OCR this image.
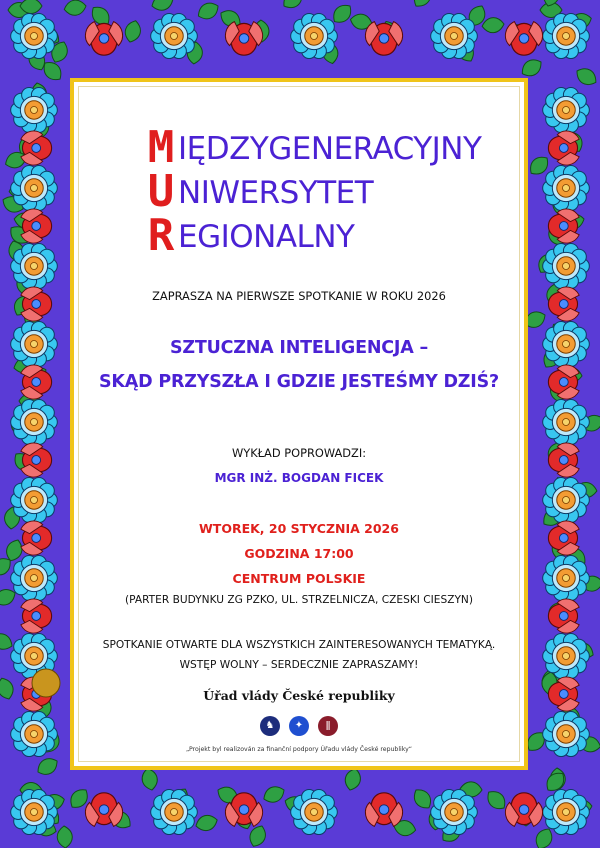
M IĘDZYGENERACYJNY
U NIWERSYTET
R EGIONALNY
ZAPRASZA NA PIERWSZE SPOTKANIE W ROKU 2026
SZTUCZNA INTELIGENCJA –
SKĄD PRZYSZŁA I GDZIE JESTEŚMY DZIŚ?
WYKŁAD POPROWADZI:
MGR INŻ. BOGDAN FICEK
WTOREK, 20 STYCZNIA 2026
GODZINA 17:00
CENTRUM POLSKIE
(PARTER BUDYNKU ZG PZKO, UL. STRZELNICZA, CZESKI CIESZYN)
SPOTKANIE OTWARTE DLA WSZYSTKICH ZAINTERESOWANYCH TEMATYKĄ.
WSTĘP WOLNY – SERDECZNIE ZAPRASZAMY!
Úřad vlády České republiky
♞
	✦
	ǁ
„Projekt byl realizován za finanční podpory Úřadu vlády České republiky“
